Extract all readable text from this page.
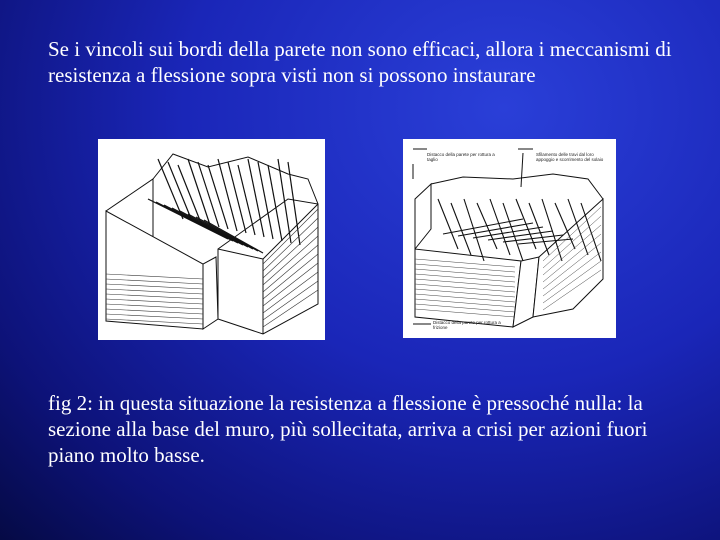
Se i vincoli sui bordi della parete non sono efficaci, allora i meccanismi di resistenza a flessione sopra visti non si possono instaurare

Distacco della parete per rottura a taglio
Sfilamento delle travi dal loro appoggio e scorrimento del solaio
Distacco della parete per rottura a frizione

fig 2: in questa situazione la resistenza a flessione è pressoché nulla: la sezione alla base del muro, più sollecitata, arriva a crisi per azioni fuori piano molto basse.
